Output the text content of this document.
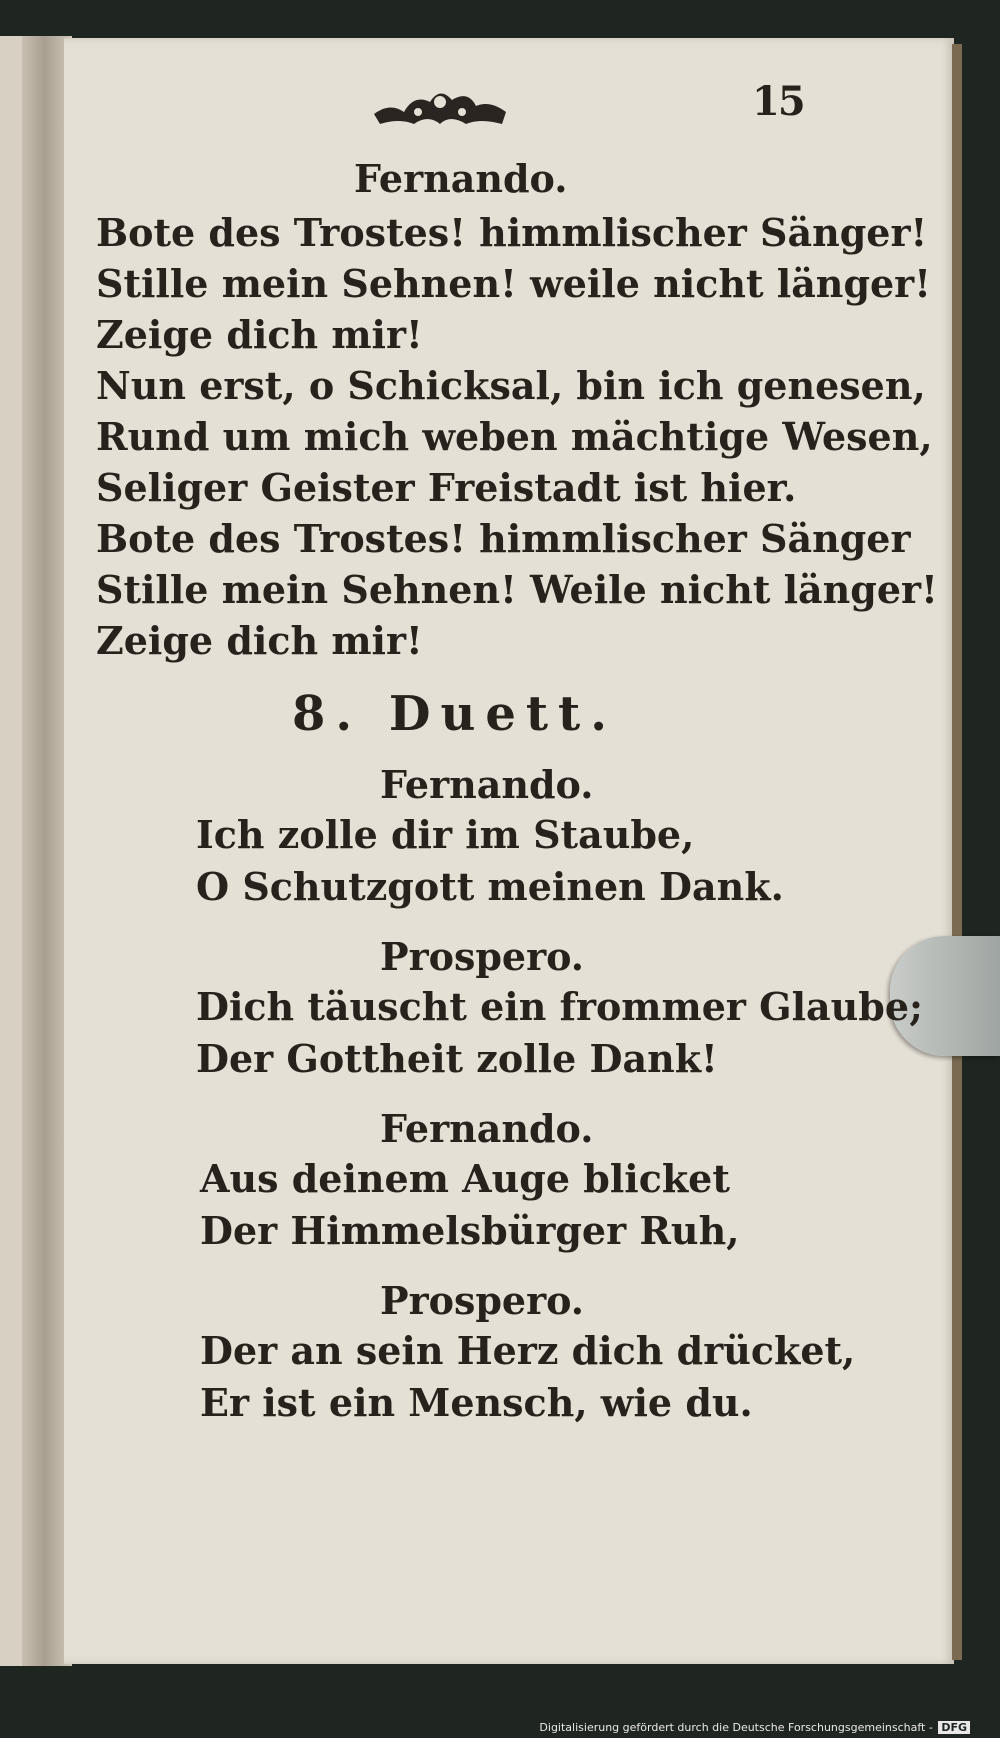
15
Fernando.
Bote des Trostes! himmlischer Sänger!
Stille mein Sehnen! weile nicht länger!
Zeige dich mir!
Nun erst, o Schicksal, bin ich genesen,
Rund um mich weben mächtige Wesen,
Seliger Geister Freistadt ist hier.
Bote des Trostes! himmlischer Sänger
Stille mein Sehnen! Weile nicht länger!
Zeige dich mir!
8. Duett.
Fernando.
Ich zolle dir im Staube,
O Schutzgott meinen Dank.
Prospero.
Dich täuscht ein frommer Glaube;
Der Gottheit zolle Dank!
Fernando.
Aus deinem Auge blicket
Der Himmelsbürger Ruh,
Prospero.
Der an sein Herz dich drücket,
Er ist ein Mensch, wie du.
Digitalisierung gefördert durch die Deutsche Forschungsgemeinschaft - DFG
